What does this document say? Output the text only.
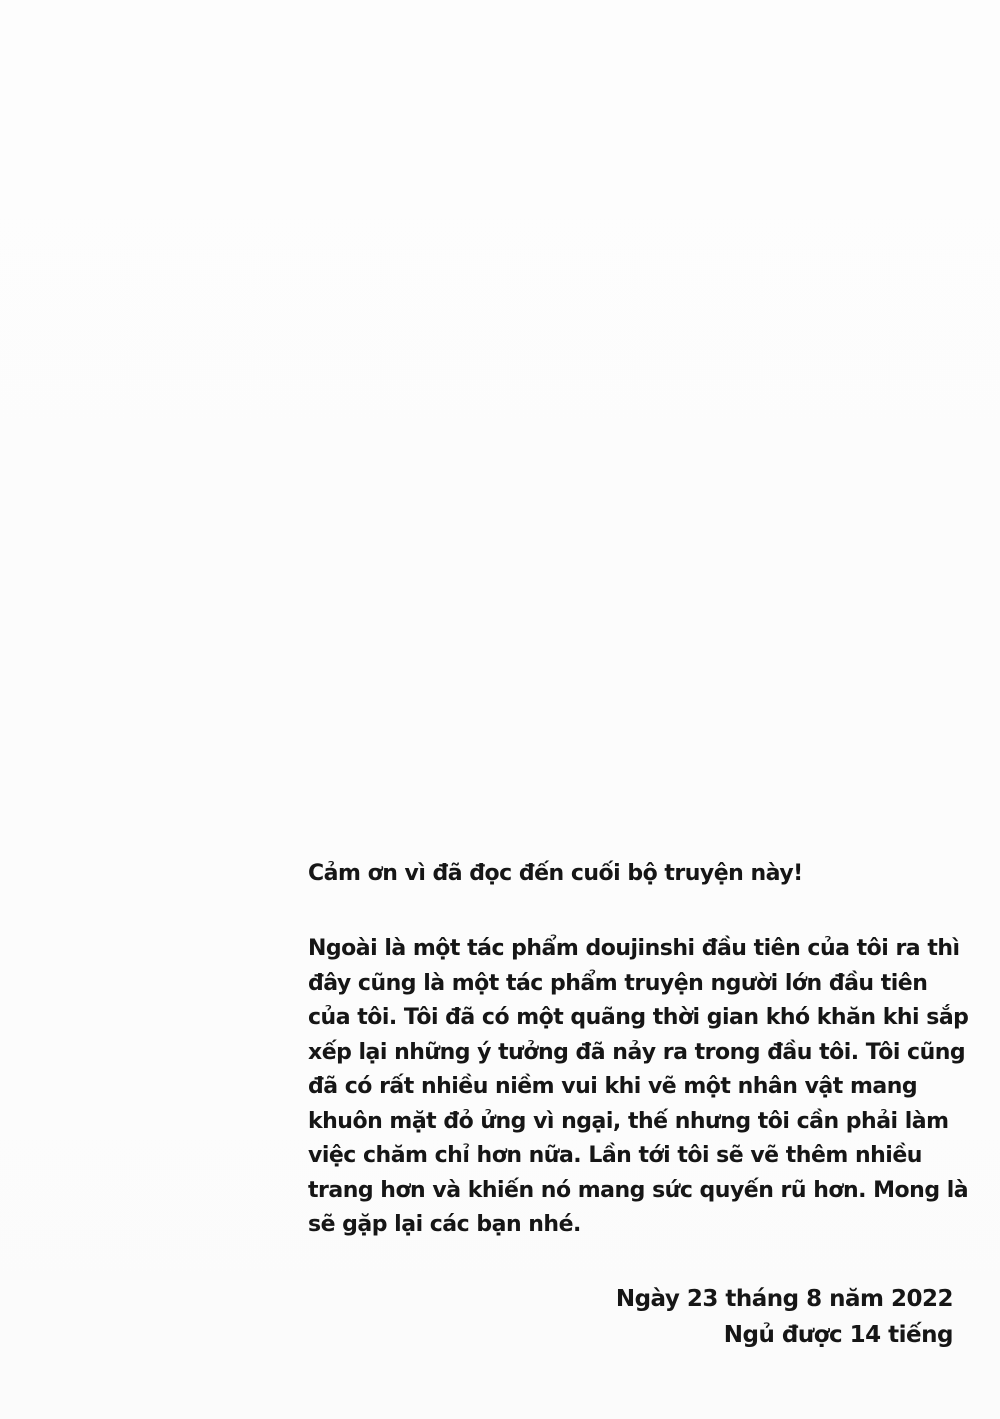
Cảm ơn vì đã đọc đến cuối bộ truyện này!
Ngoài là một tác phẩm doujinshi đầu tiên của tôi ra thì
đây cũng là một tác phẩm truyện người lớn đầu tiên
của tôi. Tôi đã có một quãng thời gian khó khăn khi sắp
xếp lại những ý tưởng đã nảy ra trong đầu tôi. Tôi cũng
đã có rất nhiều niềm vui khi vẽ một nhân vật mang
khuôn mặt đỏ ửng vì ngại, thế nhưng tôi cần phải làm
việc chăm chỉ hơn nữa. Lần tới tôi sẽ vẽ thêm nhiều
trang hơn và khiến nó mang sức quyến rũ hơn. Mong là
sẽ gặp lại các bạn nhé.
Ngày 23 tháng 8 năm 2022
Ngủ được 14 tiếng
